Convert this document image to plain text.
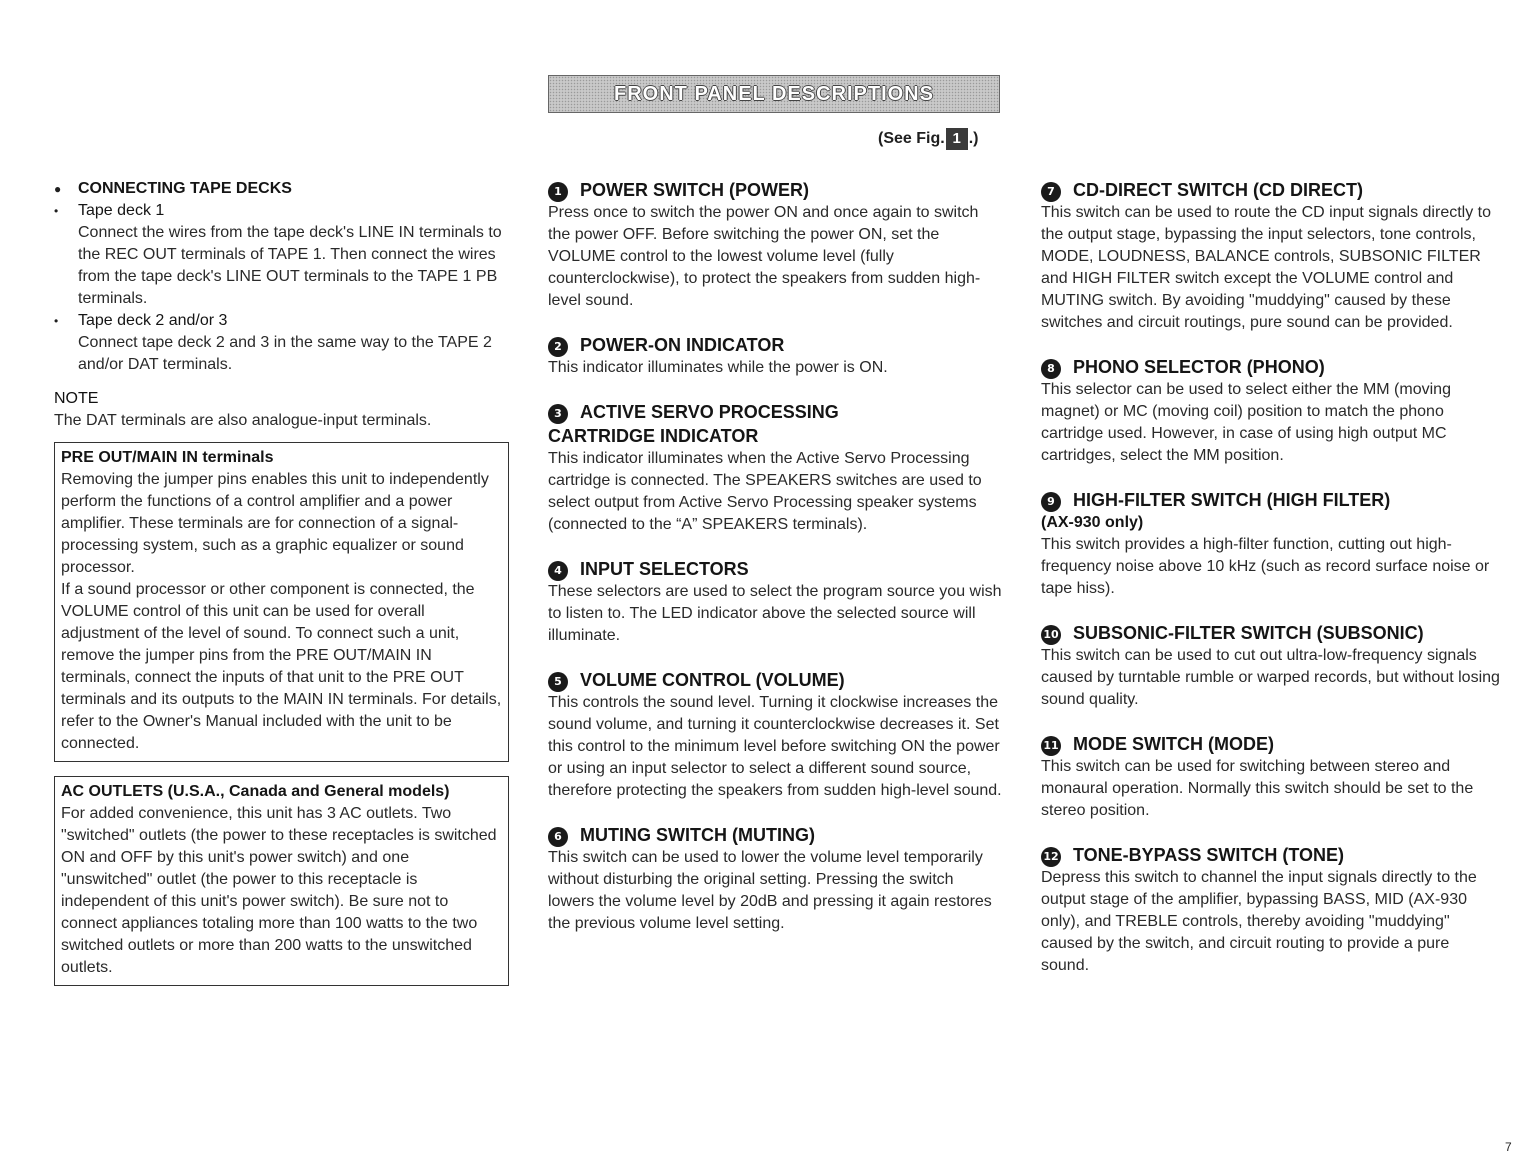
FRONT PANEL DESCRIPTIONS
(See Fig. 1 .)
●	CONNECTING TAPE DECKS
•	Tape deck 1
Connect the wires from the tape deck's LINE IN terminals to the REC OUT terminals of TAPE 1. Then connect the wires from the tape deck's LINE OUT terminals to the TAPE 1 PB terminals.
•	Tape deck 2 and/or 3
Connect tape deck 2 and 3 in the same way to the TAPE 2 and/or DAT terminals.
NOTE
The DAT terminals are also analogue-input terminals.
PRE OUT/MAIN IN terminals

Removing the jumper pins enables this unit to independently perform the functions of a control amplifier and a power amplifier. These terminals are for connection of a signal-processing system, such as a graphic equalizer or sound processor.

If a sound processor or other component is connected, the VOLUME control of this unit can be used for overall adjustment of the level of sound. To connect such a unit, remove the jumper pins from the PRE OUT/MAIN IN terminals, connect the inputs of that unit to the PRE OUT terminals and its outputs to the MAIN IN terminals. For details, refer to the Owner's Manual included with the unit to be connected.

AC OUTLETS (U.S.A., Canada and General models)

For added convenience, this unit has 3 AC outlets. Two "switched" outlets (the power to these receptacles is switched ON and OFF by this unit's power switch) and one "unswitched" outlet (the power to this receptacle is independent of this unit's power switch). Be sure not to connect appliances totaling more than 100 watts to the two switched outlets or more than 200 watts to the unswitched outlets.

1 POWER SWITCH (POWER)
Press once to switch the power ON and once again to switch the power OFF. Before switching the power ON, set the VOLUME control to the lowest volume level (fully counterclockwise), to protect the speakers from sudden high-level sound.
2 POWER-ON INDICATOR
This indicator illuminates while the power is ON.
3 ACTIVE SERVO PROCESSING CARTRIDGE INDICATOR
This indicator illuminates when the Active Servo Processing cartridge is connected. The SPEAKERS switches are used to select output from Active Servo Processing speaker systems (connected to the “A” SPEAKERS terminals).
4 INPUT SELECTORS
These selectors are used to select the program source you wish to listen to. The LED indicator above the selected source will illuminate.
5 VOLUME CONTROL (VOLUME)
This controls the sound level. Turning it clockwise increases the sound volume, and turning it counterclockwise decreases it. Set this control to the minimum level before switching ON the power or using an input selector to select a different sound source, therefore protecting the speakers from sudden high-level sound.
6 MUTING SWITCH (MUTING)
This switch can be used to lower the volume level temporarily without disturbing the original setting. Pressing the switch lowers the volume level by 20dB and pressing it again restores the previous volume level setting.
7 CD-DIRECT SWITCH (CD DIRECT)
This switch can be used to route the CD input signals directly to the output stage, bypassing the input selectors, tone controls, MODE, LOUDNESS, BALANCE controls, SUBSONIC FILTER and HIGH FILTER switch except the VOLUME control and MUTING switch. By avoiding "muddying" caused by these switches and circuit routings, pure sound can be provided.
8 PHONO SELECTOR (PHONO)
This selector can be used to select either the MM (moving magnet) or MC (moving coil) position to match the phono cartridge used. However, in case of using high output MC cartridges, select the MM position.
9 HIGH-FILTER SWITCH (HIGH FILTER)
(AX-930 only)
This switch provides a high-filter function, cutting out high-frequency noise above 10 kHz (such as record surface noise or tape hiss).
10 SUBSONIC-FILTER SWITCH (SUBSONIC)
This switch can be used to cut out ultra-low-frequency signals caused by turntable rumble or warped records, but without losing sound quality.
11 MODE SWITCH (MODE)
This switch can be used for switching between stereo and monaural operation. Normally this switch should be set to the stereo position.
12 TONE-BYPASS SWITCH (TONE)
Depress this switch to channel the input signals directly to the output stage of the amplifier, bypassing BASS, MID (AX-930 only), and TREBLE controls, thereby avoiding "muddying" caused by the switch, and circuit routing to provide a pure sound.
7
